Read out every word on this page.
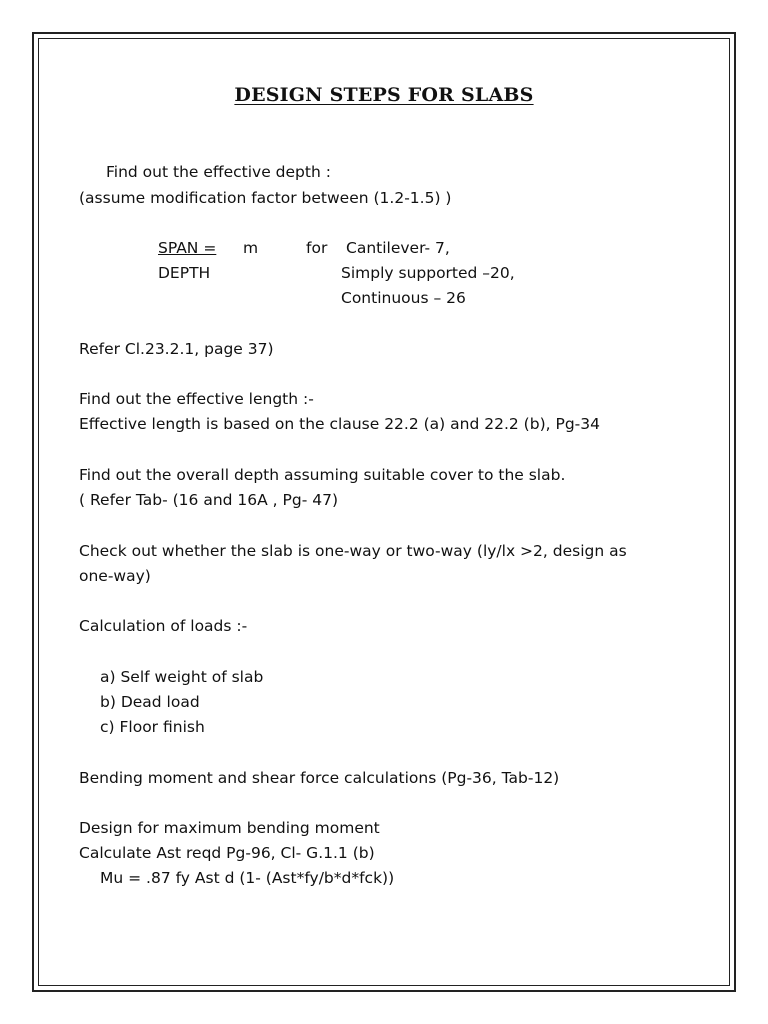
DESIGN STEPS FOR SLABS
Find out the effective depth :
(assume modification factor between (1.2-1.5) )
SPAN = m	for Cantilever- 7,
DEPTH	Simply supported –20,
Continuous – 26
Refer Cl.23.2.1, page 37)
Find out the effective length :-
Effective length is based on the clause 22.2 (a) and 22.2 (b), Pg-34
Find out the overall depth assuming suitable cover to the slab.
( Refer Tab- (16 and 16A , Pg- 47)
Check out whether the slab is one-way or two-way (ly/lx >2, design as
one-way)
Calculation of loads :-
a) Self weight of slab
b) Dead load
c) Floor finish
Bending moment and shear force calculations (Pg-36, Tab-12)
Design for maximum bending moment
Calculate Ast reqd Pg-96, Cl- G.1.1 (b)
Mu = .87 fy Ast d (1- (Ast*fy/b*d*fck))
